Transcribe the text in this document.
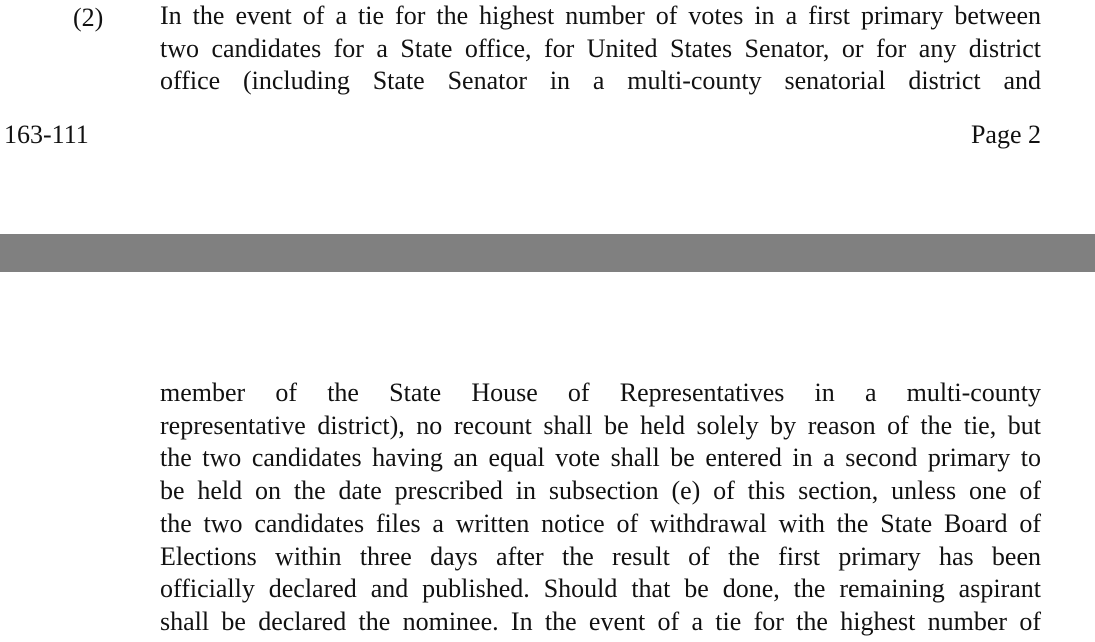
(2) In the event of a tie for the highest number of votes in a first primary between
two candidates for a State office, for United States Senator, or for any district
office (including State Senator in a multi-county senatorial district and
163-111	Page 2
member of the State House of Representatives in a multi-county
representative district), no recount shall be held solely by reason of the tie, but
the two candidates having an equal vote shall be entered in a second primary to
be held on the date prescribed in subsection (e) of this section, unless one of
the two candidates files a written notice of withdrawal with the State Board of
Elections within three days after the result of the first primary has been
officially declared and published. Should that be done, the remaining aspirant
shall be declared the nominee. In the event of a tie for the highest number of
